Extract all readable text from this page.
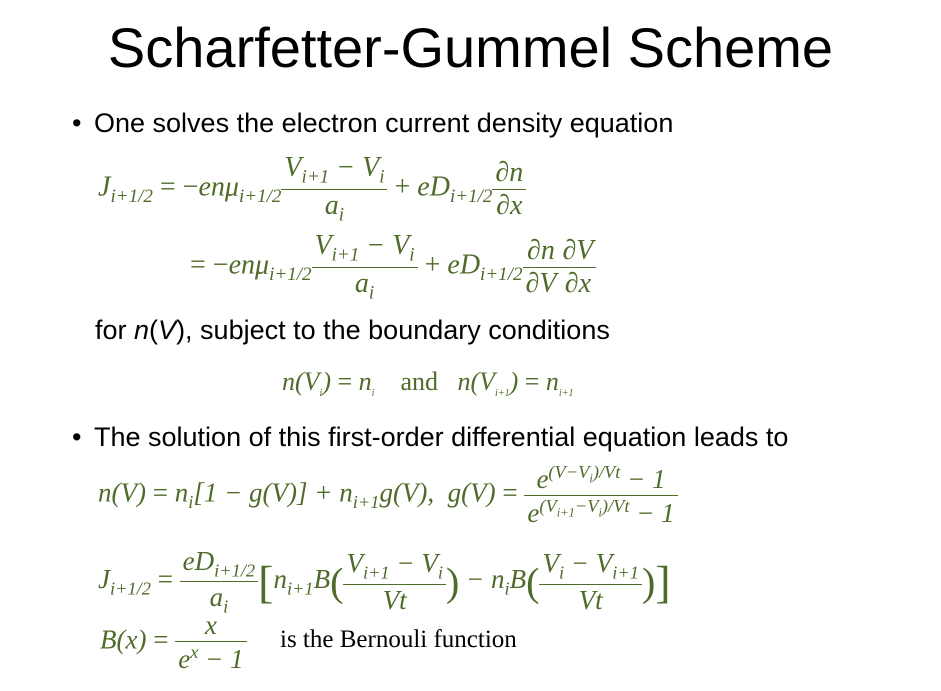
Scharfetter-Gummel Scheme
• One solves the electron current density equation
$J_{i+1/2} = -en\mu_{i+1/2} \frac{V_{i+1} - V_i}{a_i} + eD_{i+1/2} \frac{\partial n}{\partial x}$
= $-en\mu_{i+1/2} \frac{V_{i+1} - V_i}{a_i} + eD_{i+1/2} \frac{\partial n}{\partial V} \frac{\partial V}{\partial x}$
for n(V), subject to the boundary conditions
$n(V_i) = n_i$ and   $n(V_{i+1}) = n_{i+1}$
• The solution of this first-order differential equation leads to
$n(V) = n_i[1 - g(V)] + n_{i+1}g(V)$,  $g(V) = \frac{e^{(V-V_i)/Vt} - 1}{e^{(V_{i+1}-V_i)/Vt} - 1}$
$J_{i+1/2} = \frac{eD_{i+1/2}}{a_i} [n_{i+1}B( \frac{V_{i+1} - V_i}{Vt}$ ) − $n_iB( \frac{V_i - V_{i+1}}{Vt}$ )]
$B(x) = \frac{x}{e^x - 1}$ is the Bernouli function
